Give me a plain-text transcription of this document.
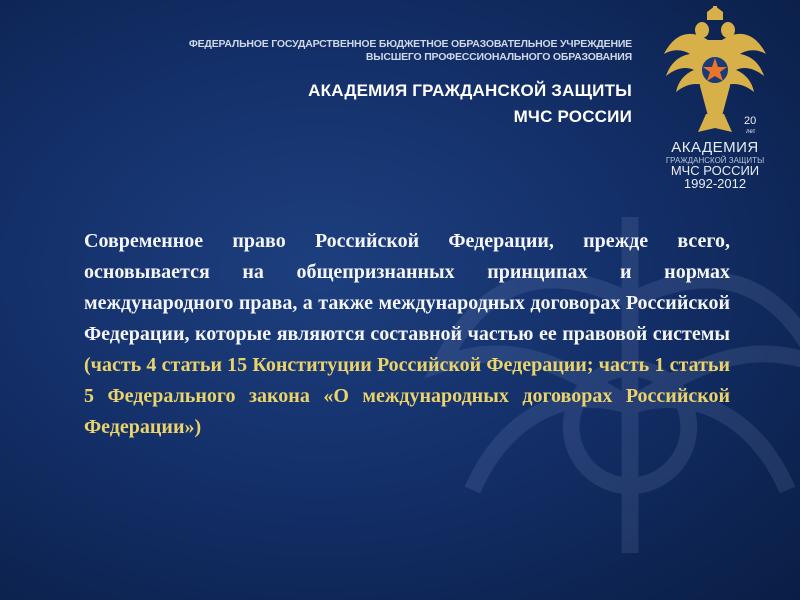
ФЕДЕРАЛЬНОЕ ГОСУДАРСТВЕННОЕ БЮДЖЕТНОЕ ОБРАЗОВАТЕЛЬНОЕ УЧРЕЖДЕНИЕ
ВЫСШЕГО ПРОФЕССИОНАЛЬНОГО ОБРАЗОВАНИЯ
АКАДЕМИЯ ГРАЖДАНСКОЙ ЗАЩИТЫ
МЧС РОССИИ	20
лет
АКАДЕМИЯ
ГРАЖДАНСКОЙ ЗАЩИТЫ
МЧС РОССИИ
1992-2012
Современное право Российской Федерации, прежде всего, основывается на общепризнанных принципах и нормах международного права, а также международных договорах Российской Федерации, которые являются составной частью ее правовой системы (часть 4 статьи 15 Конституции Российской Федерации; часть 1 статьи 5 Федерального закона «О международных договорах Российской Федерации»)
